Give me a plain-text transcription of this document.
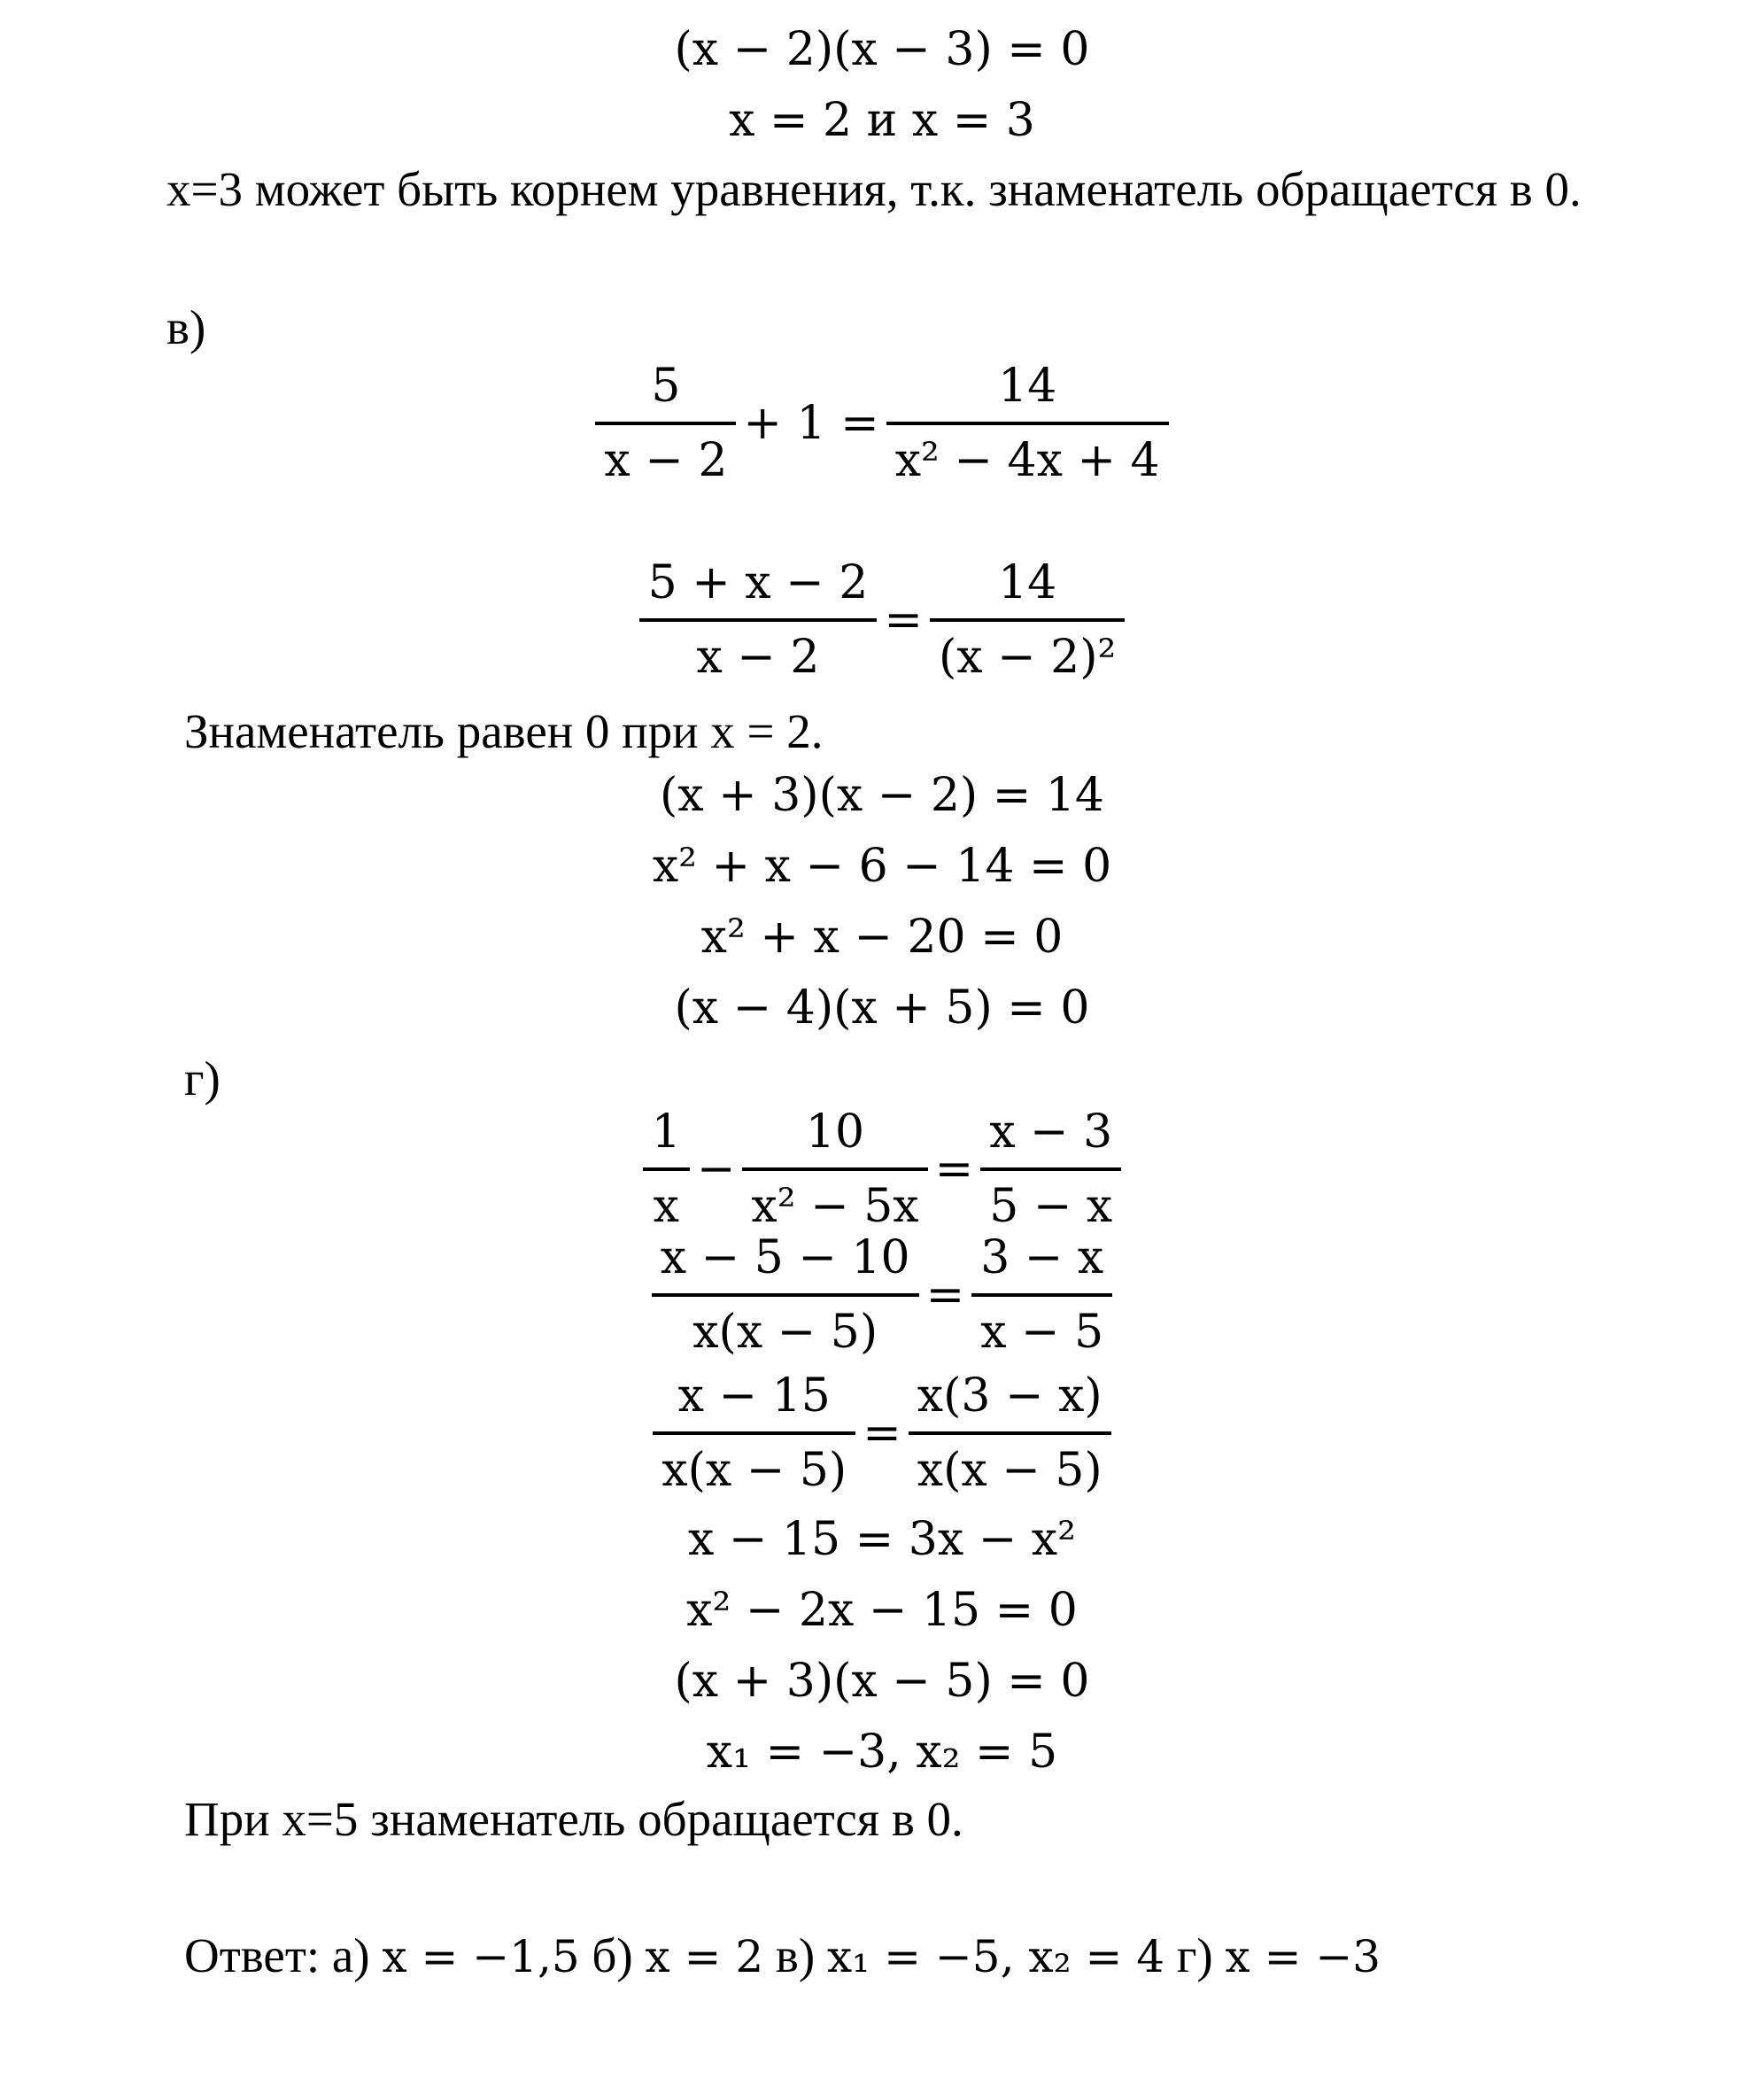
(x − 2)(x − 3) = 0
x = 2 и x = 3
x=3 может быть корнем уравнения, т.к. знаменатель обращается в 0.
в)
$\frac{5}{x - 2} + 1 = \frac{14}{\text{x² − 4x + 4}}$
$\frac{5 + x - 2}{x - 2} = \frac{14}{\text{(x − 2)²}}$
Знаменатель равен 0 при x = 2.
(x + 3)(x − 2) = 14
x² + x − 6 − 14 = 0
x² + x − 20 = 0
(x − 4)(x + 5) = 0
г)
$\frac{1}{x} - \frac{10}{\text{x² − 5x}} = \frac{x - 3}{5 - x}$
$\frac{x - 5 - 10}{x(x - 5)} = \frac{3 - x}{x - 5}$
$\frac{x - 15}{x(x - 5)} = \frac{x(3 - x)}{x(x - 5)}$
x − 15 = 3x − x²
x² − 2x − 15 = 0
(x + 3)(x − 5) = 0
x₁ = −3, x₂ = 5
При x=5 знаменатель обращается в 0.
Ответ: а) x = −1,5 б) x = 2 в) x₁ = −5, x₂ = 4 г) x = −3
